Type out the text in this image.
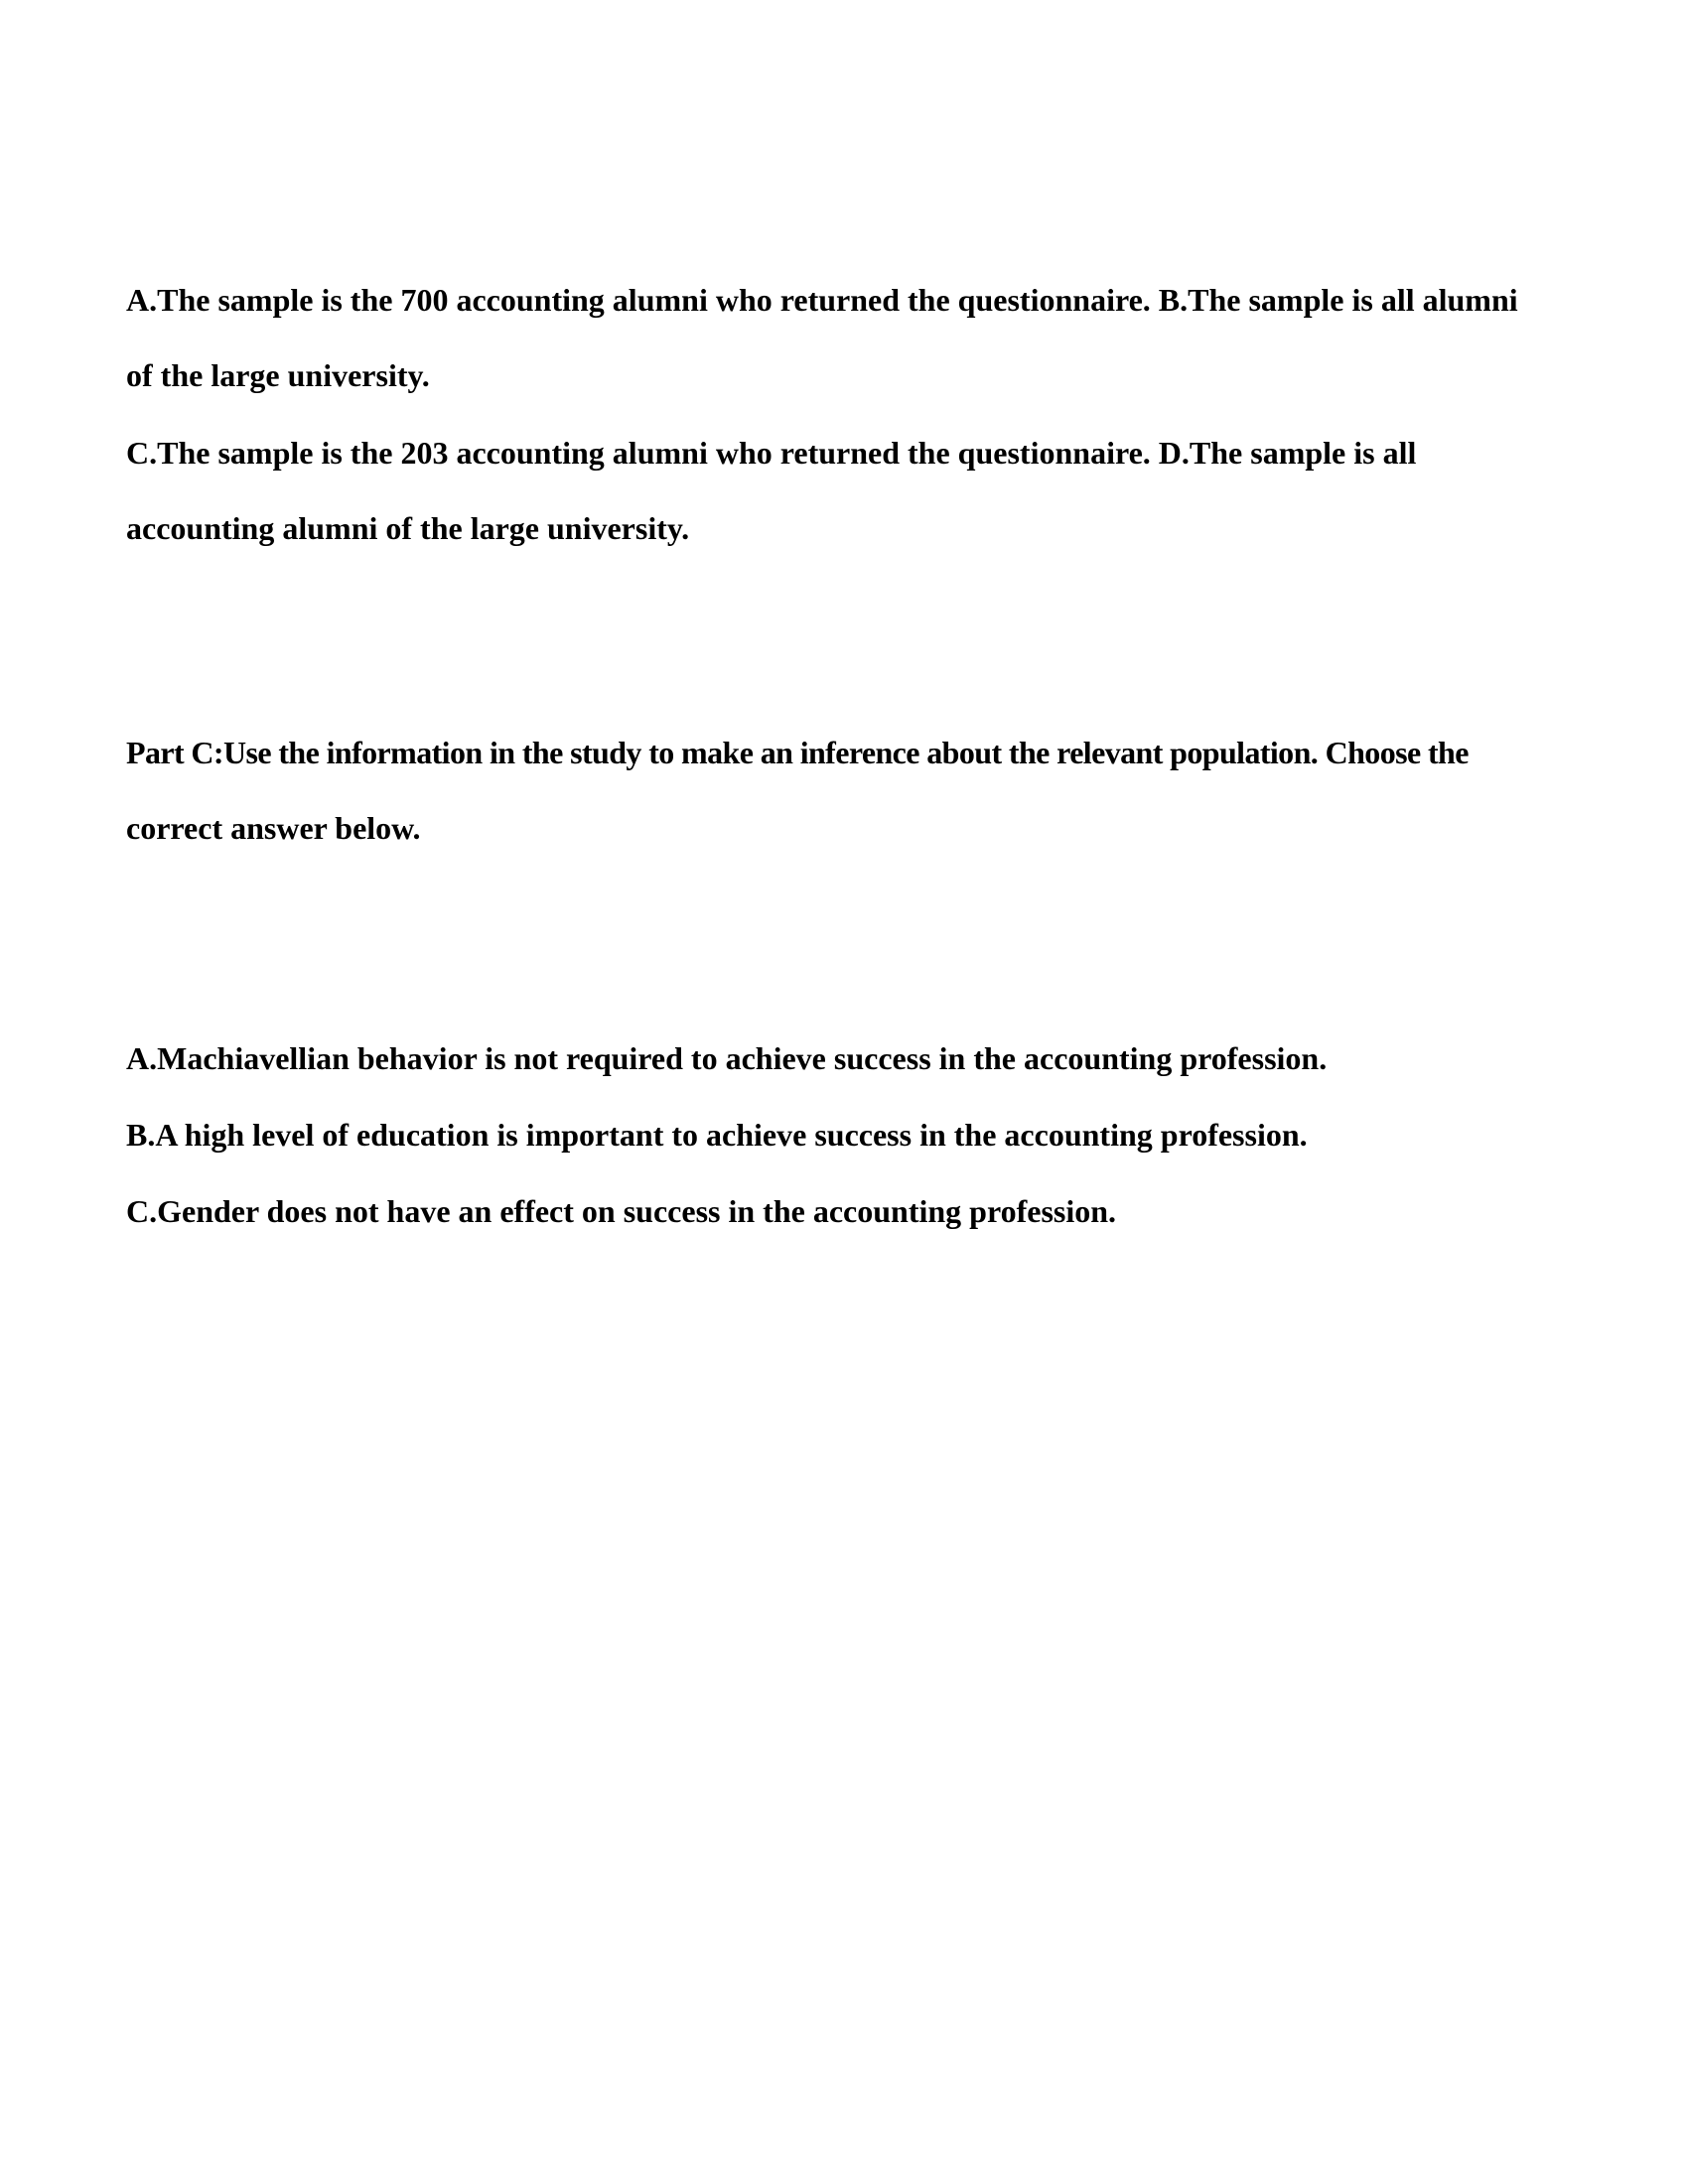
A.The sample is the 700 accounting alumni who returned the questionnaire. B.The sample is all alumni
of the large university.

C.The sample is the 203 accounting alumni who returned the questionnaire. D.The sample is all
accounting alumni of the large university.

Part C:Use the information in the study to make an inference about the relevant population. Choose the
correct answer below.

A.Machiavellian behavior is not required to achieve success in the accounting profession.

B.A high level of education is important to achieve success in the accounting profession.

C.Gender does not have an effect on success in the accounting profession.
